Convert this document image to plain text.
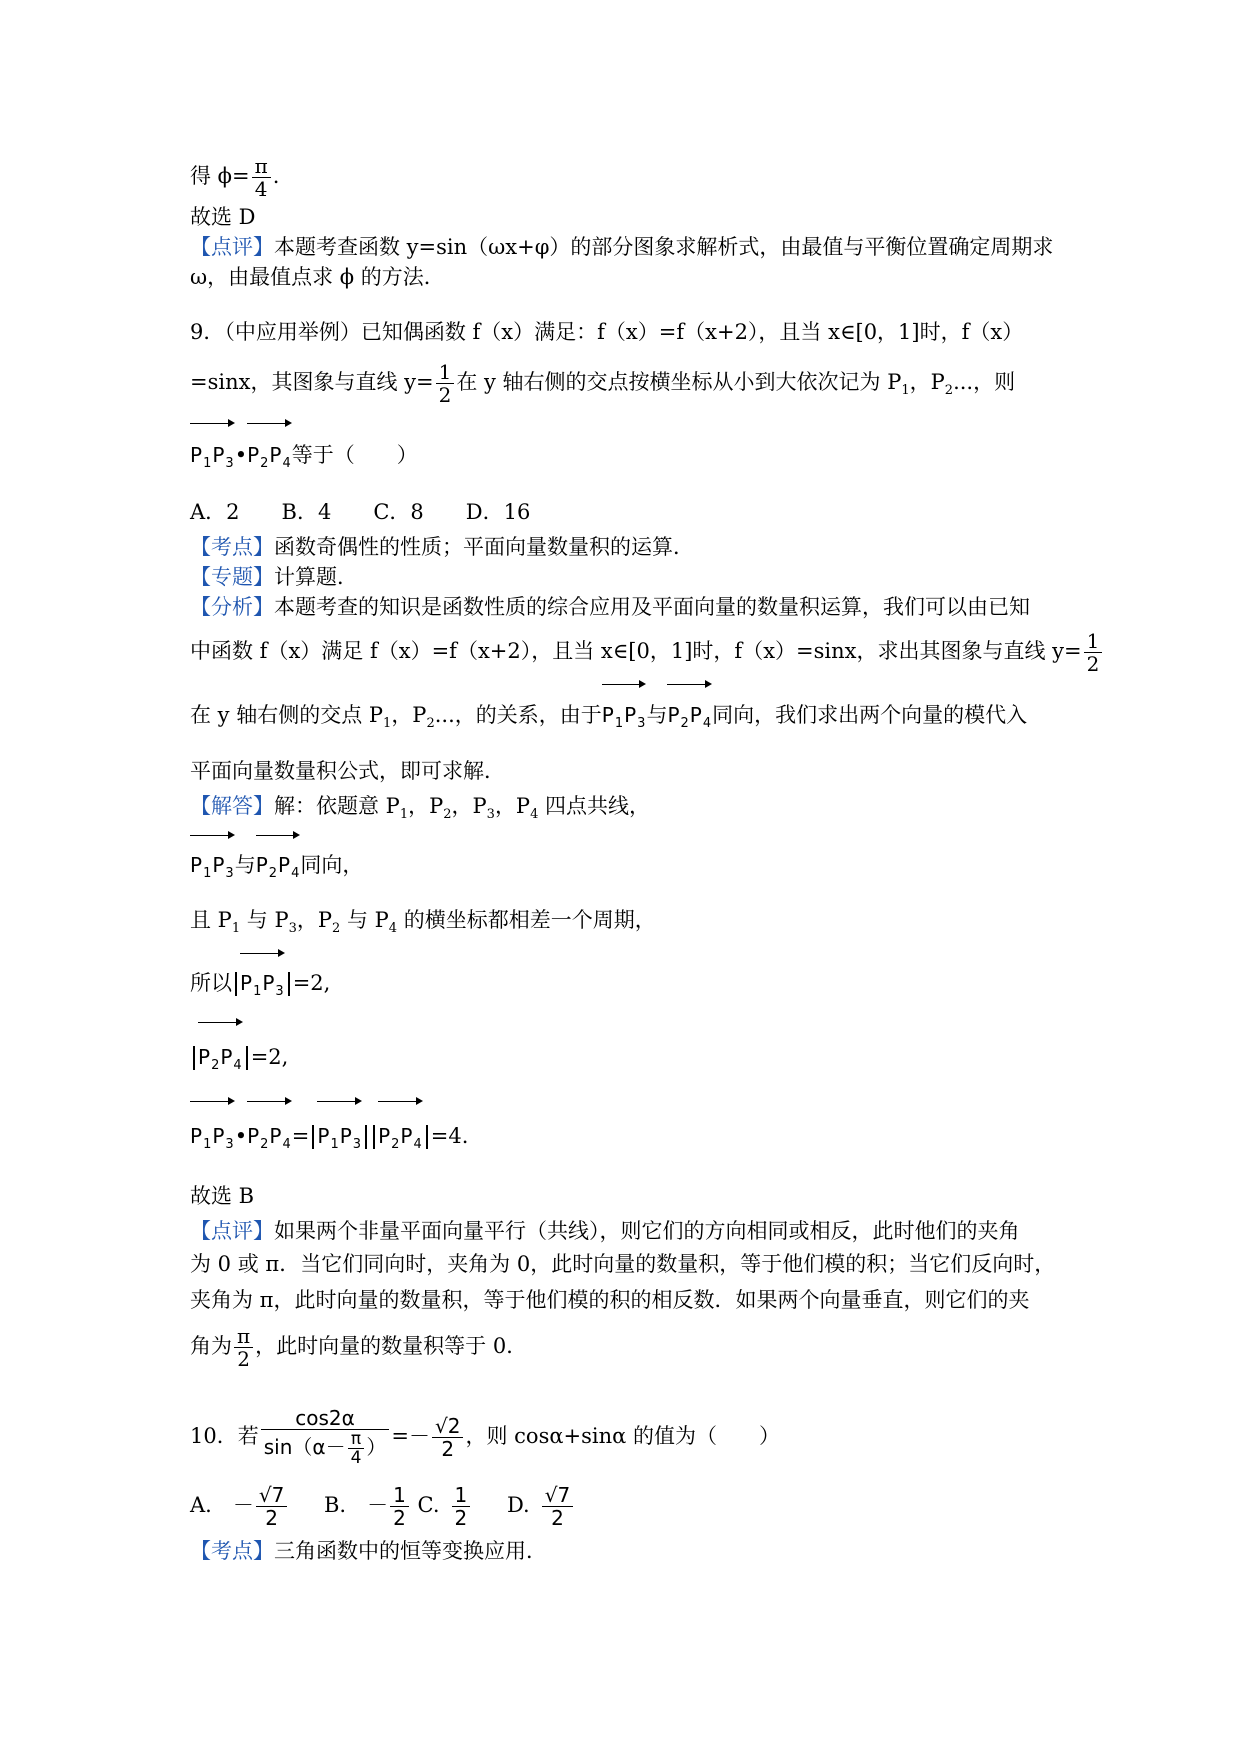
得 $\phi= \frac{\pi}{4}$ .
故选 D
【点评】本题考查函数 y=sin（ωx+φ）的部分图象求解析式，由最值与平衡位置确定周期求
ω，由最值点求 ϕ 的方法．
9．（中应用举例）已知偶函数 f（x）满足：f（x）=f（x+2），且当 x∈[0，1]时，f（x）
=sinx，其图象与直线 $y= \frac{1}{2}$ 在 y 轴右侧的交点按横坐标从小到大依次记为 $P_1$，$P_2$...，则
$P_1P_3•P_2P_4$等于（　　）
A．2　　B．4　　C．8　　D．16
【考点】函数奇偶性的性质；平面向量数量积的运算．
【专题】计算题．
【分析】本题考查的知识是函数性质的综合应用及平面向量的数量积运算，我们可以由已知
中函数 f（x）满足 f（x）=f（x+2），且当 x∈[0，1]时，f（x）=sinx，求出其图象与直线 $y= \frac{1}{2}$
在 y 轴右侧的交点 $P_1$，$P_2$...，的关系，由于$P_1P_3$与$P_2P_4$同向，我们求出两个向量的模代入
平面向量数量积公式，即可求解．
【解答】解：依题意 $P_1$，$P_2$，$P_3$，$P_4$ 四点共线，
$P_1P_3$与$P_2P_4$同向，
且 $P_1$ 与 $P_3$，$P_2$ 与 $P_4$ 的横坐标都相差一个周期，
所以 $P_1P_3 =2$,
$P_2P_4 =2$,
$P_1P_3•P_2P_4= P_1P_3$ $P_2P_4 =4$.
故选 B
【点评】如果两个非量平面向量平行（共线），则它们的方向相同或相反，此时他们的夹角
为 0 或 π．当它们同向时，夹角为 0，此时向量的数量积，等于他们模的积；当它们反向时，
夹角为 π，此时向量的数量积，等于他们模的积的相反数．如果两个向量垂直，则它们的夹
角为 $\frac{\pi}{2}$ ，此时向量的数量积等于 0．
10．若 $\frac{\cos 2\alpha}{\sin(\alpha- \frac{\pi}{4} )} =- \frac{√2}{2}$ ，则 cosα+sinα 的值为（　　）
A.　－ $\frac{√7}{2} B$.　－ $\frac{1}{2} C$. $\frac{1}{2} D$. $\frac{√7}{2}$
【考点】三角函数中的恒等变换应用．
